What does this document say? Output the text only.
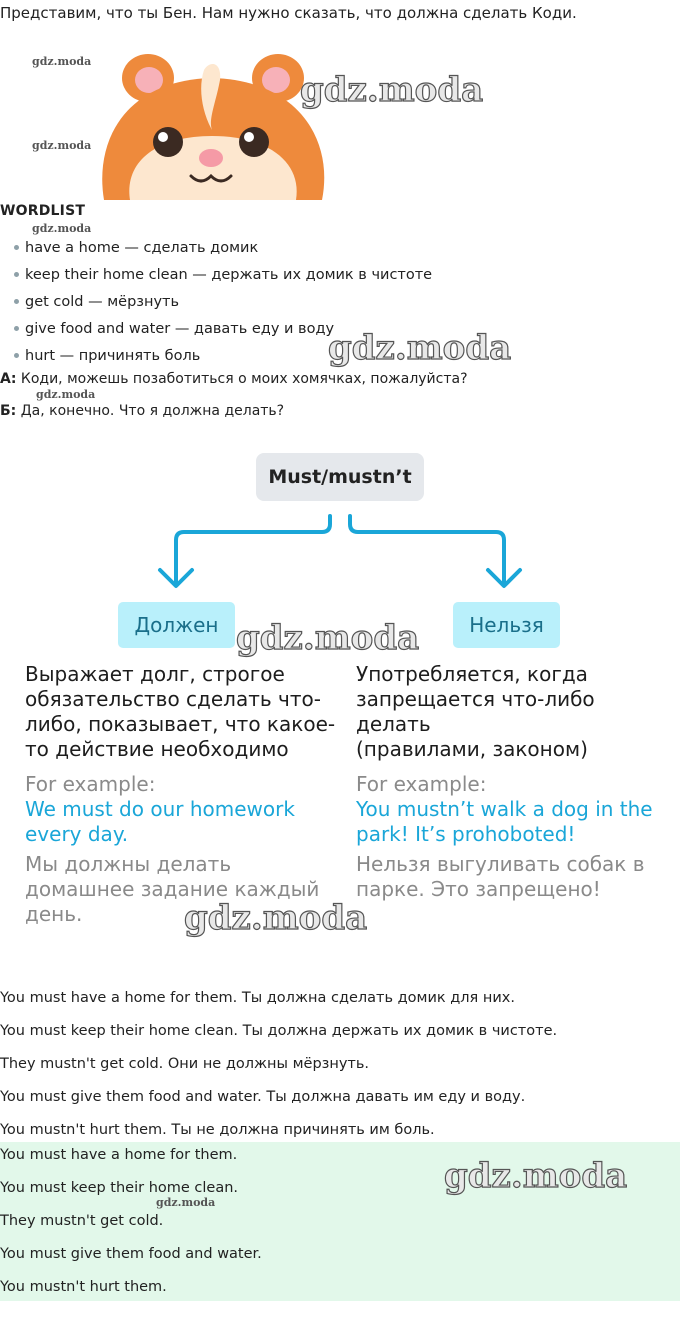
Представим, что ты Бен. Нам нужно сказать, что должна сделать Коди.
gdz.moda
gdz.moda
gdz.moda
WORDLIST
gdz.moda
have a home — сделать домик
keep their home clean — держать их домик в чистоте
get cold — мёрзнуть
give food and water — давать еду и воду
hurt — причинять боль	gdz.moda
А: Коди, можешь позаботиться о моих хомячках, пожалуйста?
gdz.moda
Б: Да, конечно. Что я должна делать?
Must/mustn’t
Должен	Нельзя
gdz.moda
Выражает долг, строгое
обязательство сделать что-
либо, показывает, что какое-
то действие необходимо
For example:
We must do our homework
every day.
Мы должны делать
домашнее задание каждый
день.
Употребляется, когда
запрещается что-либо
делать
(правилами, законом)
For example:
You mustn’t walk a dog in the
park! It’s prohoboted!
Нельзя выгуливать собак в
парке. Это запрещено!
gdz.moda
You must have a home for them. Ты должна сделать домик для них.
You must keep their home clean. Ты должна держать их домик в чистоте.
They mustn't get cold. Они не должны мёрзнуть.
You must give them food and water. Ты должна давать им еду и воду.
You mustn't hurt them. Ты не должна причинять им боль.
You must have a home for them.
You must keep their home clean.
gdz.moda
They mustn't get cold.
You must give them food and water.
You mustn't hurt them.
gdz.moda
